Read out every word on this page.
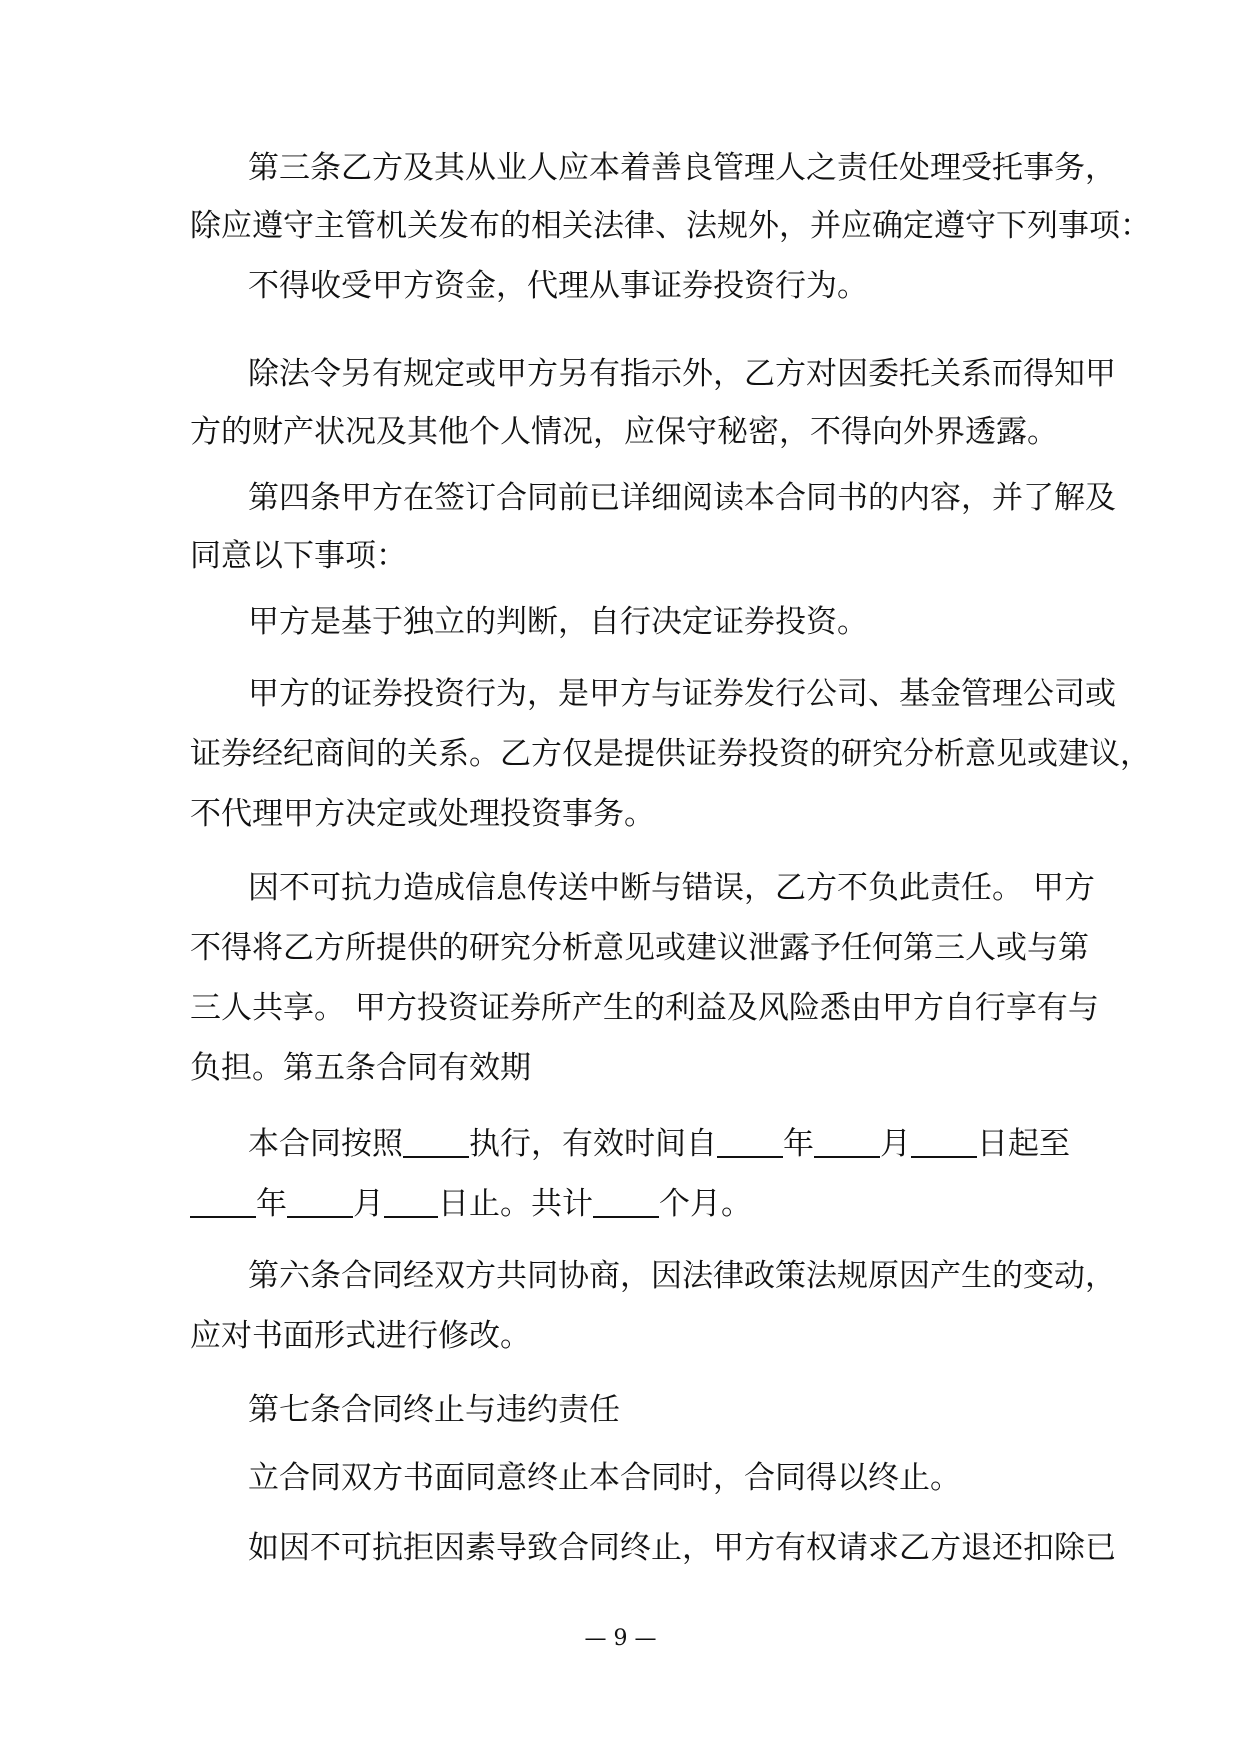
第三条乙方及其从业人应本着善良管理人之责任处理受托事务，
除应遵守主管机关发布的相关法律、法规外，并应确定遵守下列事项：
不得收受甲方资金，代理从事证券投资行为。
除法令另有规定或甲方另有指示外，乙方对因委托关系而得知甲
方的财产状况及其他个人情况，应保守秘密，不得向外界透露。
第四条甲方在签订合同前已详细阅读本合同书的内容，并了解及
同意以下事项：
甲方是基于独立的判断，自行决定证券投资。
甲方的证券投资行为，是甲方与证券发行公司、基金管理公司或
证券经纪商间的关系。乙方仅是提供证券投资的研究分析意见或建议，
不代理甲方决定或处理投资事务。
因不可抗力造成信息传送中断与错误，乙方不负此责任。 甲方
不得将乙方所提供的研究分析意见或建议泄露予任何第三人或与第
三人共享。 甲方投资证券所产生的利益及风险悉由甲方自行享有与
负担。第五条合同有效期
本合同按照 执行，有效时间自 年 月 日起至
年 月 日止。共计 个月。
第六条合同经双方共同协商，因法律政策法规原因产生的变动，
应对书面形式进行修改。
第七条合同终止与违约责任
立合同双方书面同意终止本合同时，合同得以终止。
如因不可抗拒因素导致合同终止，甲方有权请求乙方退还扣除已
— 9 —
